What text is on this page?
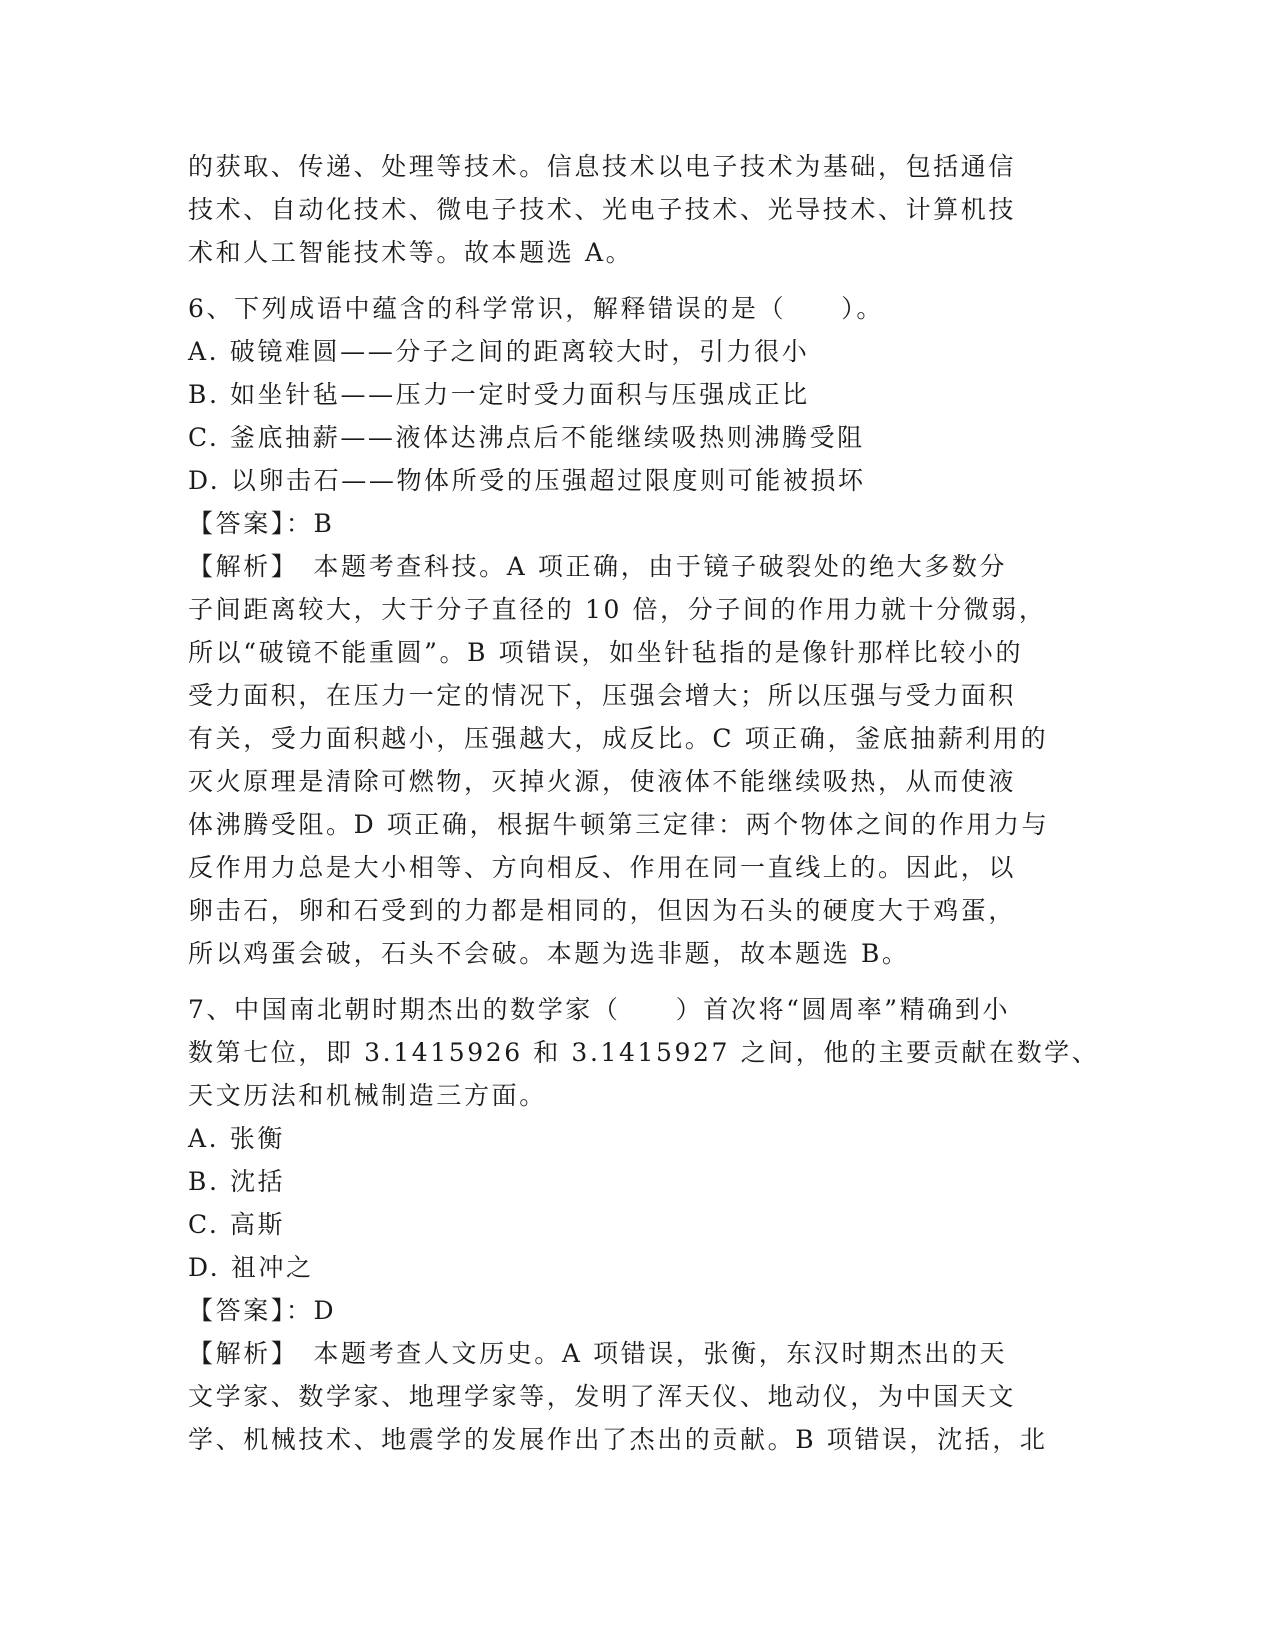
的获取、传递、处理等技术。信息技术以电子技术为基础，包括通信
技术、自动化技术、微电子技术、光电子技术、光导技术、计算机技
术和人工智能技术等。故本题选 A。
6、下列成语中蕴含的科学常识，解释错误的是（　　）。
A. 破镜难圆——分子之间的距离较大时，引力很小
B. 如坐针毡——压力一定时受力面积与压强成正比
C. 釜底抽薪——液体达沸点后不能继续吸热则沸腾受阻
D. 以卵击石——物体所受的压强超过限度则可能被损坏
【答案】：B
【解析】　本题考查科技。A 项正确，由于镜子破裂处的绝大多数分
子间距离较大，大于分子直径的 10 倍，分子间的作用力就十分微弱，
所以“破镜不能重圆”。B 项错误，如坐针毡指的是像针那样比较小的
受力面积，在压力一定的情况下，压强会增大；所以压强与受力面积
有关，受力面积越小，压强越大，成反比。C 项正确，釜底抽薪利用的
灭火原理是清除可燃物，灭掉火源，使液体不能继续吸热，从而使液
体沸腾受阻。D 项正确，根据牛顿第三定律：两个物体之间的作用力与
反作用力总是大小相等、方向相反、作用在同一直线上的。因此，以
卵击石，卵和石受到的力都是相同的，但因为石头的硬度大于鸡蛋，
所以鸡蛋会破，石头不会破。本题为选非题，故本题选 B。
7、中国南北朝时期杰出的数学家（　　）首次将“圆周率”精确到小
数第七位，即 3.1415926 和 3.1415927 之间，他的主要贡献在数学、
天文历法和机械制造三方面。
A. 张衡
B. 沈括
C. 高斯
D. 祖冲之
【答案】：D
【解析】　本题考查人文历史。A 项错误，张衡，东汉时期杰出的天
文学家、数学家、地理学家等，发明了浑天仪、地动仪，为中国天文
学、机械技术、地震学的发展作出了杰出的贡献。B 项错误，沈括，北
